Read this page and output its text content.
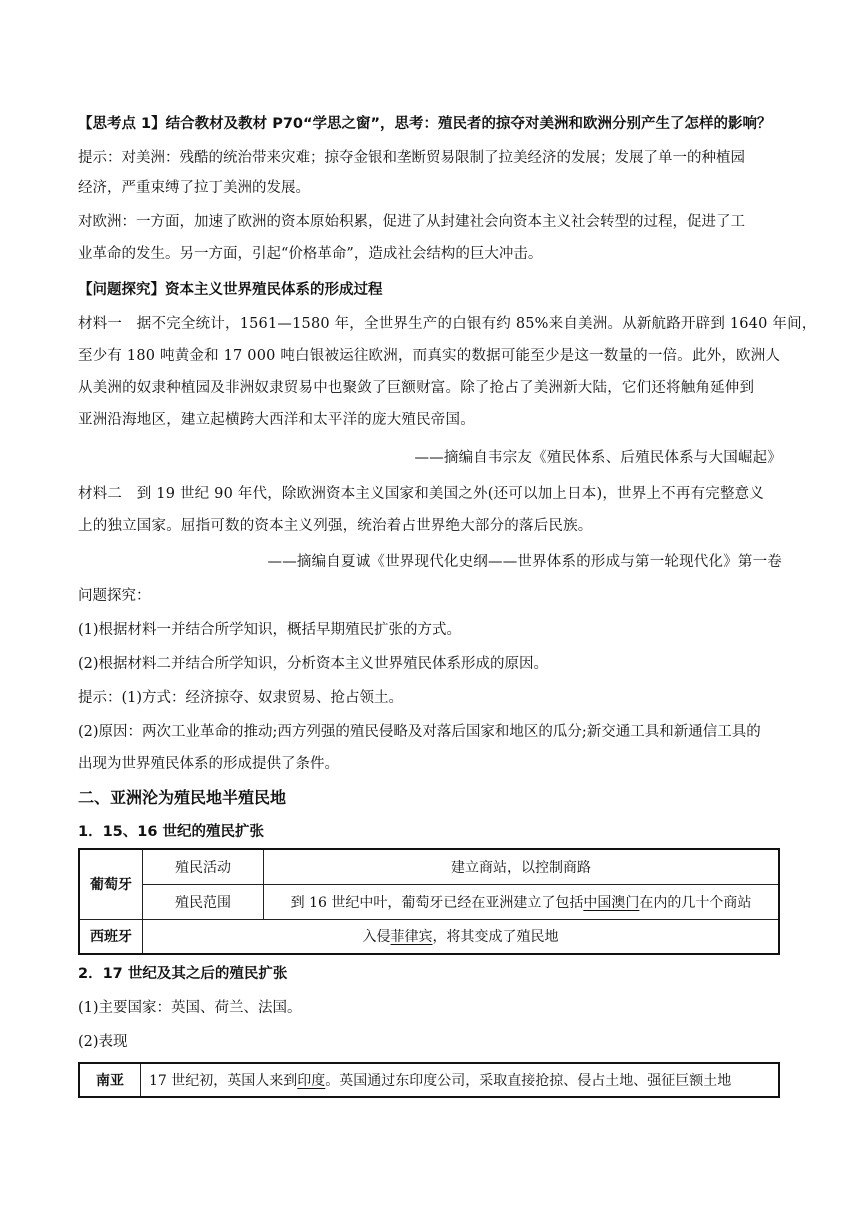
【思考点 1】结合教材及教材 P70“学思之窗”，思考：殖民者的掠夺对美洲和欧洲分别产生了怎样的影响？
提示：对美洲：残酷的统治带来灾难；掠夺金银和垄断贸易限制了拉美经济的发展；发展了单一的种植园
经济，严重束缚了拉丁美洲的发展。
对欧洲：一方面，加速了欧洲的资本原始积累，促进了从封建社会向资本主义社会转型的过程，促进了工
业革命的发生。另一方面，引起“价格革命”，造成社会结构的巨大冲击。
【问题探究】资本主义世界殖民体系的形成过程
材料一　据不完全统计，1561—1580 年，全世界生产的白银有约 85%来自美洲。从新航路开辟到 1640 年间，
至少有 180 吨黄金和 17 000 吨白银被运往欧洲，而真实的数据可能至少是这一数量的一倍。此外，欧洲人
从美洲的奴隶种植园及非洲奴隶贸易中也聚敛了巨额财富。除了抢占了美洲新大陆，它们还将触角延伸到
亚洲沿海地区，建立起横跨大西洋和太平洋的庞大殖民帝国。
——摘编自韦宗友《殖民体系、后殖民体系与大国崛起》
材料二　到 19 世纪 90 年代，除欧洲资本主义国家和美国之外(还可以加上日本)，世界上不再有完整意义
上的独立国家。屈指可数的资本主义列强，统治着占世界绝大部分的落后民族。
——摘编自夏诚《世界现代化史纲——世界体系的形成与第一轮现代化》第一卷
问题探究：
(1)根据材料一并结合所学知识，概括早期殖民扩张的方式。
(2)根据材料二并结合所学知识，分析资本主义世界殖民体系形成的原因。
提示：(1)方式：经济掠夺、奴隶贸易、抢占领土。
(2)原因：两次工业革命的推动;西方列强的殖民侵略及对落后国家和地区的瓜分;新交通工具和新通信工具的
出现为世界殖民体系的形成提供了条件。
二、亚洲沦为殖民地半殖民地
1．15、16 世纪的殖民扩张
葡萄牙	殖民活动	建立商站，以控制商路
	殖民范围	到 16 世纪中叶，葡萄牙已经在亚洲建立了包括中国澳门在内的几十个商站
西班牙	入侵菲律宾，将其变成了殖民地	
2．17 世纪及其之后的殖民扩张
(1)主要国家：英国、荷兰、法国。
(2)表现
南亚	17 世纪初，英国人来到印度。英国通过东印度公司，采取直接抢掠、侵占土地、强征巨额土地
